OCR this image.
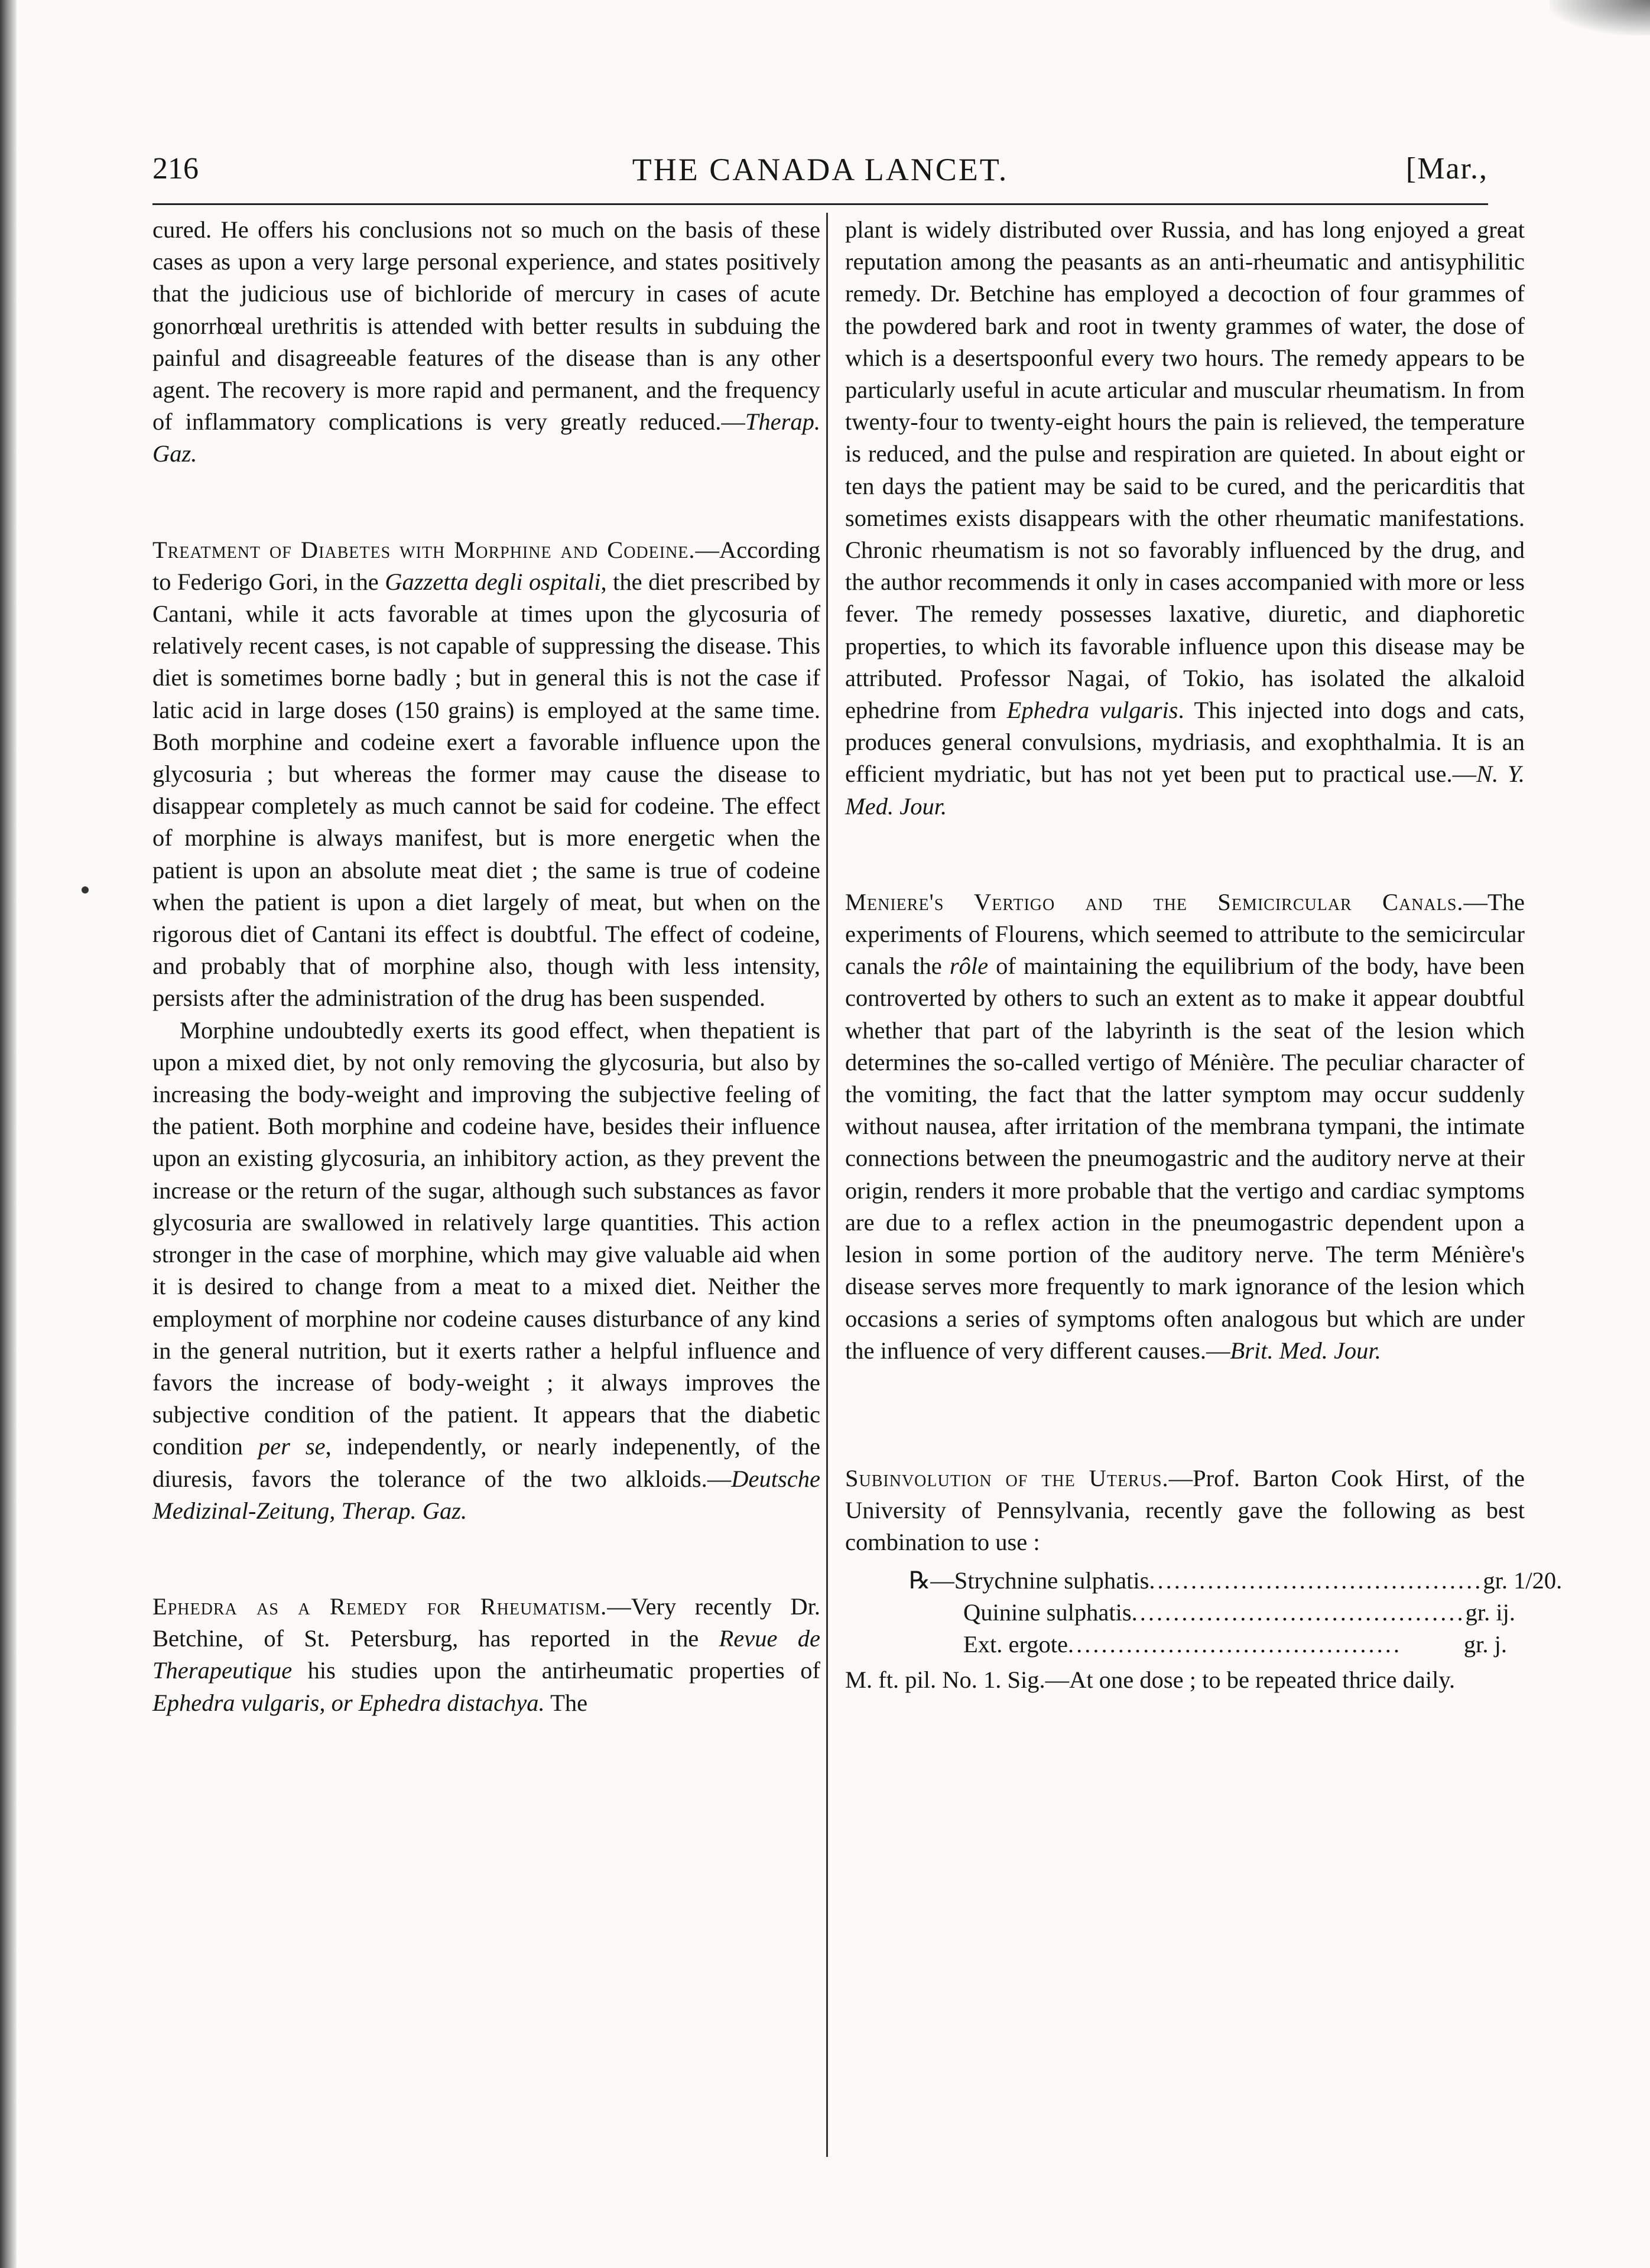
216	THE CANADA LANCET.	[Mar.,

cured. He offers his conclusions not so much on the basis of these cases as upon a very large personal experience, and states positively that the judicious use of bichloride of mercury in cases of acute gonorrhœal urethritis is attended with better results in subduing the painful and disagreeable features of the disease than is any other agent. The recovery is more rapid and permanent, and the frequency of inflammatory complications is very greatly reduced.—Therap. Gaz.

Treatment of Diabetes with Morphine and Codeine.—According to Federigo Gori, in the Gazzetta degli ospitali, the diet prescribed by Cantani, while it acts favorable at times upon the glycosuria of relatively recent cases, is not capable of suppressing the disease. This diet is sometimes borne badly ; but in general this is not the case if latic acid in large doses (150 grains) is employed at the same time. Both morphine and codeine exert a favorable influence upon the glycosuria ; but whereas the former may cause the disease to disappear completely as much cannot be said for codeine. The effect of morphine is always manifest, but is more energetic when the patient is upon an absolute meat diet ; the same is true of codeine when the patient is upon a diet largely of meat, but when on the rigorous diet of Cantani its effect is doubtful. The effect of codeine, and probably that of morphine also, though with less intensity, persists after the administration of the drug has been suspended.

Morphine undoubtedly exerts its good effect, when thepatient is upon a mixed diet, by not only removing the glycosuria, but also by increasing the body-weight and improving the subjective feeling of the patient. Both morphine and codeine have, besides their influence upon an existing glycosuria, an inhibitory action, as they prevent the increase or the return of the sugar, although such substances as favor glycosuria are swallowed in relatively large quantities. This action stronger in the case of morphine, which may give valuable aid when it is desired to change from a meat to a mixed diet. Neither the employment of morphine nor codeine causes disturbance of any kind in the general nutrition, but it exerts rather a helpful influence and favors the increase of body-weight ; it always improves the subjective condition of the patient. It appears that the diabetic condition per se, independently, or nearly indepenently, of the diuresis, favors the tolerance of the two alkloids.—Deutsche Medizinal-Zeitung, Therap. Gaz.

Ephedra as a Remedy for Rheumatism.—Very recently Dr. Betchine, of St. Petersburg, has reported in the Revue de Therapeutique his studies upon the antirheumatic properties of Ephedra vulgaris, or Ephedra distachya. The

plant is widely distributed over Russia, and has long enjoyed a great reputation among the peasants as an anti-rheumatic and antisyphilitic remedy. Dr. Betchine has employed a decoction of four grammes of the powdered bark and root in twenty grammes of water, the dose of which is a desertspoonful every two hours. The remedy appears to be particularly useful in acute articular and muscular rheumatism. In from twenty-four to twenty-eight hours the pain is relieved, the temperature is reduced, and the pulse and respiration are quieted. In about eight or ten days the patient may be said to be cured, and the pericarditis that sometimes exists disappears with the other rheumatic manifestations. Chronic rheumatism is not so favorably influenced by the drug, and the author recommends it only in cases accompanied with more or less fever. The remedy possesses laxative, diuretic, and diaphoretic properties, to which its favorable influence upon this disease may be attributed. Professor Nagai, of Tokio, has isolated the alkaloid ephedrine from Ephedra vulgaris. This injected into dogs and cats, produces general convulsions, mydriasis, and exophthalmia. It is an efficient mydriatic, but has not yet been put to practical use.—N. Y. Med. Jour.

Meniere's Vertigo and the Semicircular Canals.—The experiments of Flourens, which seemed to attribute to the semicircular canals the rôle of maintaining the equilibrium of the body, have been controverted by others to such an extent as to make it appear doubtful whether that part of the labyrinth is the seat of the lesion which determines the so-called vertigo of Ménière. The peculiar character of the vomiting, the fact that the latter symptom may occur suddenly without nausea, after irritation of the membrana tympani, the intimate connections between the pneumogastric and the auditory nerve at their origin, renders it more probable that the vertigo and cardiac symptoms are due to a reflex action in the pneumogastric dependent upon a lesion in some portion of the auditory nerve. The term Ménière's disease serves more frequently to mark ignorance of the lesion which occasions a series of symptoms often analogous but which are under the influence of very different causes.—Brit. Med. Jour.

Subinvolution of the Uterus.—Prof. Barton Cook Hirst, of the University of Pennsylvania, recently gave the following as best combination to use :

℞—Strychnine sulphatis ........................................ gr. 1/20.
Quinine sulphatis ........................................ gr. ij.
Ext. ergote ........................................	gr. j.

M. ft. pil. No. 1. Sig.—At one dose ; to be repeated thrice daily.
